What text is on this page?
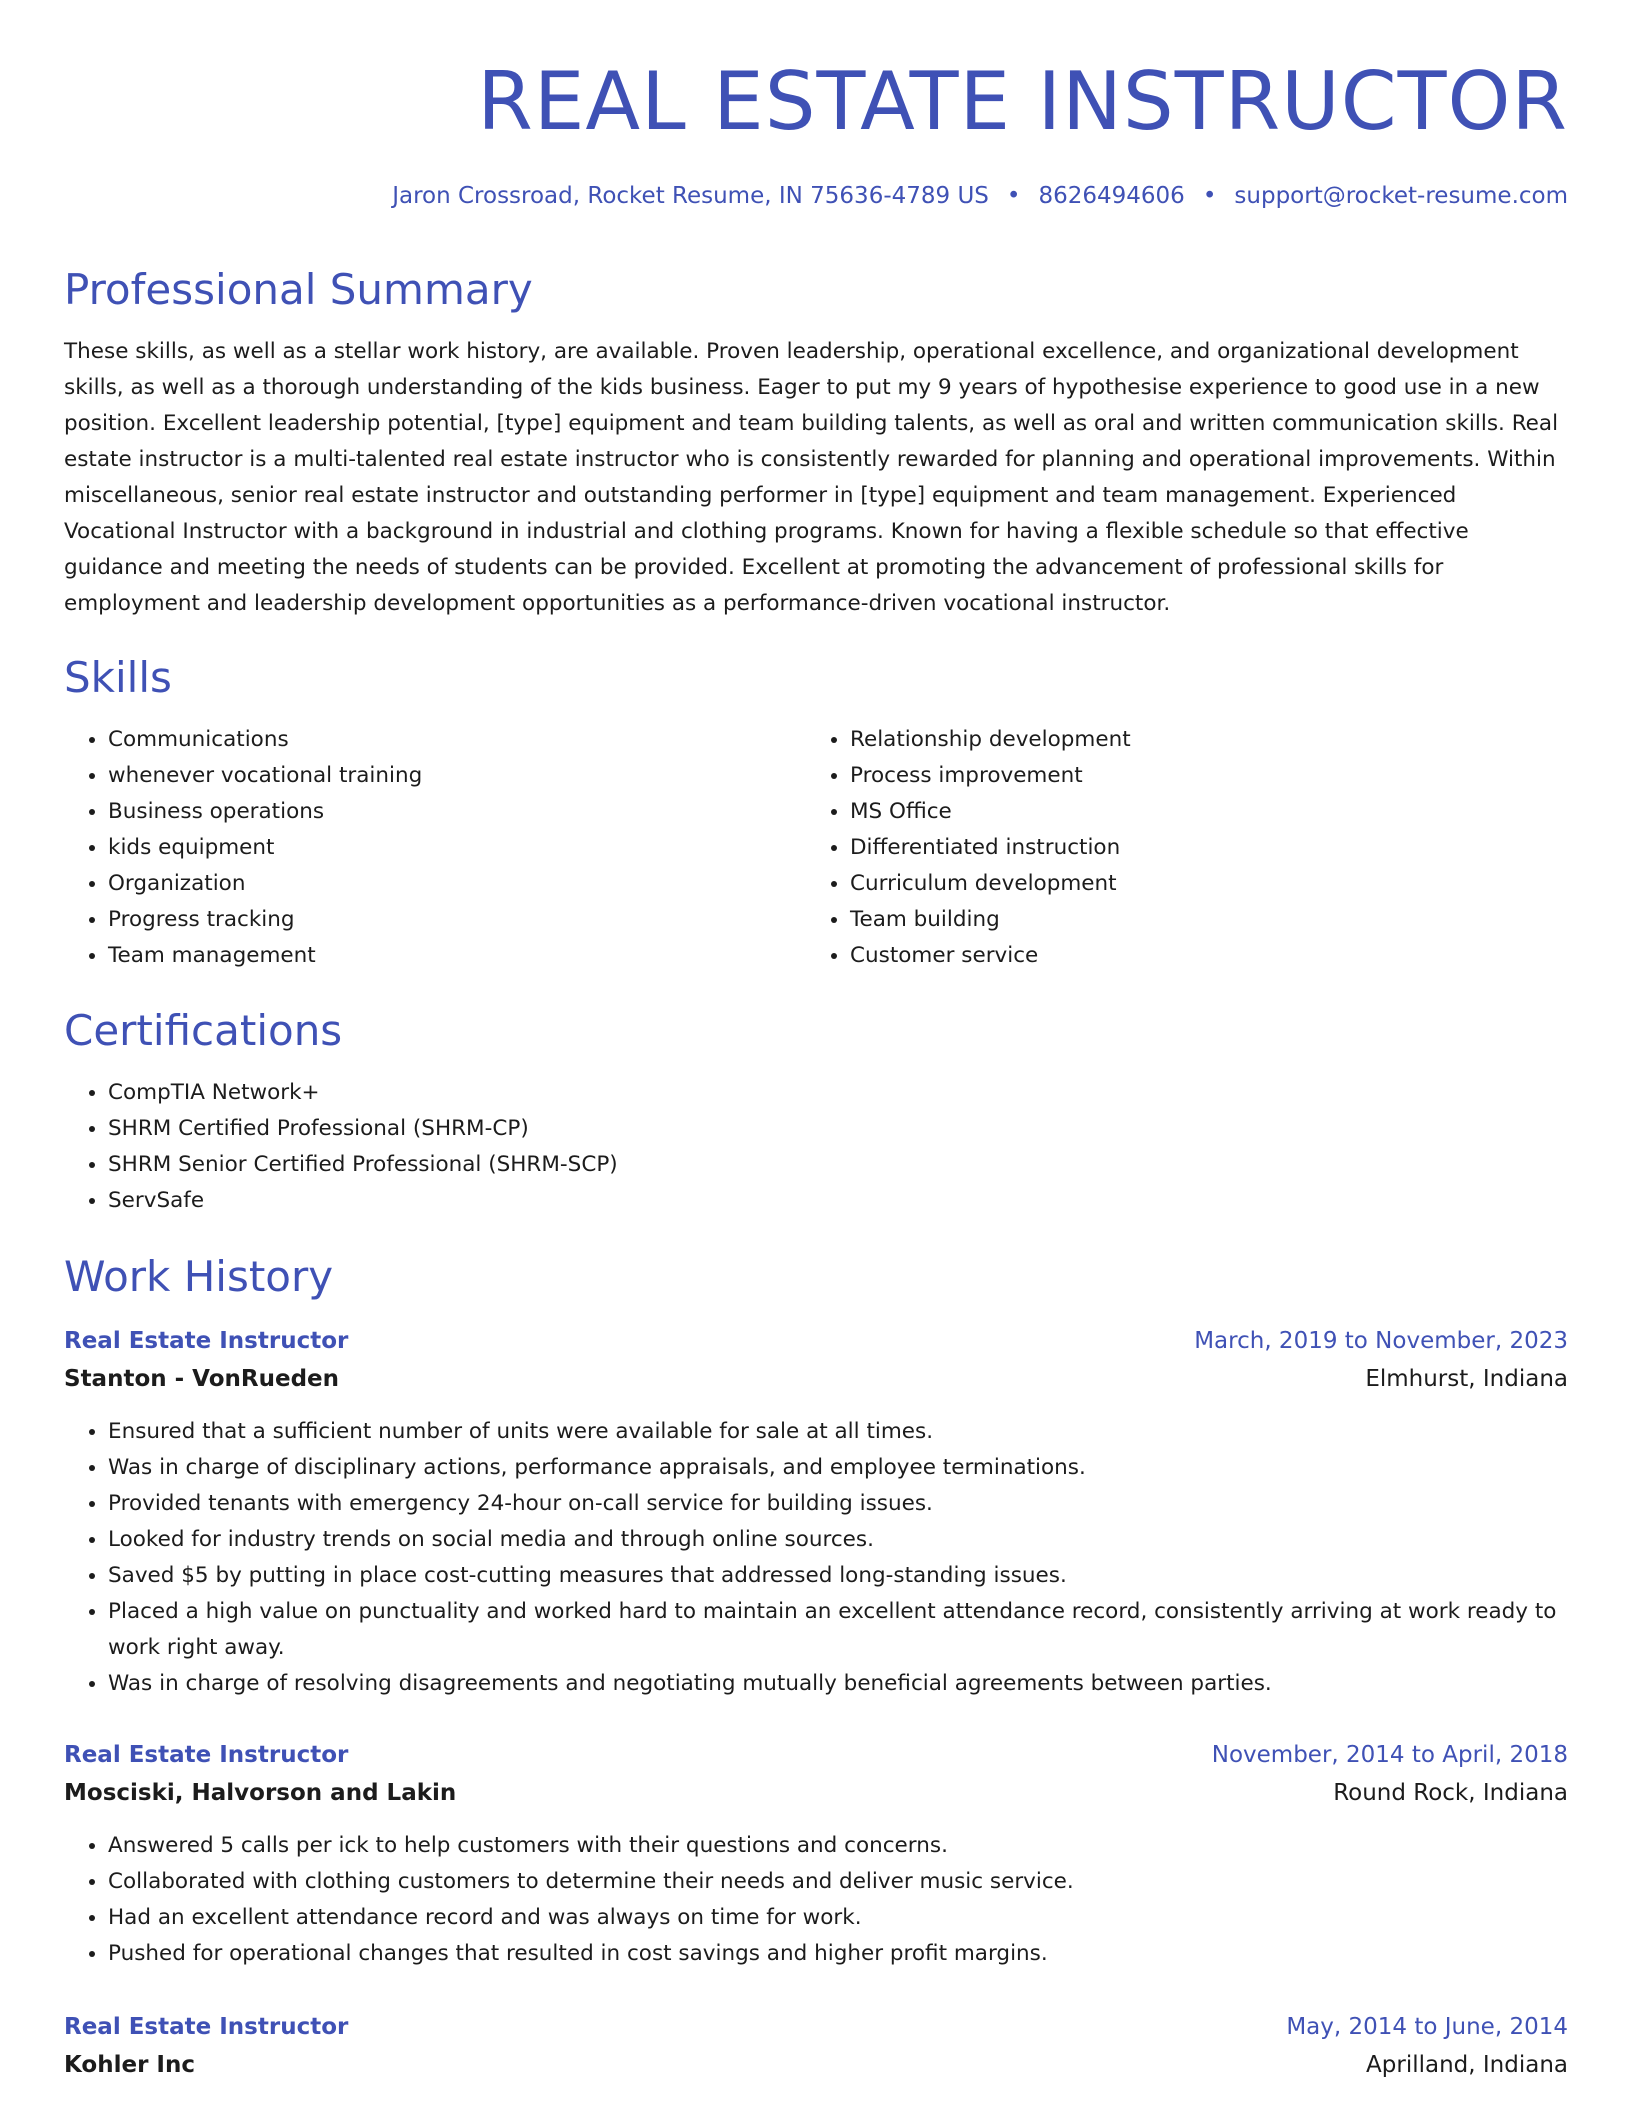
REAL ESTATE INSTRUCTOR
Jaron Crossroad, Rocket Resume, IN 75636-4789 US • 8626494606 • support@rocket-resume.com
Professional Summary

These skills, as well as a stellar work history, are available. Proven leadership, operational excellence, and organizational development skills, as well as a thorough understanding of the kids business. Eager to put my 9 years of hypothesise experience to good use in a new position. Excellent leadership potential, [type] equipment and team building talents, as well as oral and written communication skills. Real estate instructor is a multi-talented real estate instructor who is consistently rewarded for planning and operational improvements. Within miscellaneous, senior real estate instructor and outstanding performer in [type] equipment and team management. Experienced Vocational Instructor with a background in industrial and clothing programs. Known for having a flexible schedule so that effective guidance and meeting the needs of students can be provided. Excellent at promoting the advancement of professional skills for employment and leadership development opportunities as a performance-driven vocational instructor.

Skills
• Communications
• whenever vocational training
• Business operations
• kids equipment
• Organization
• Progress tracking
• Team management
• Relationship development
• Process improvement
• MS Office
• Differentiated instruction
• Curriculum development
• Team building
• Customer service
Certifications
• CompTIA Network+
• SHRM Certified Professional (SHRM-CP)
• SHRM Senior Certified Professional (SHRM-SCP)
• ServSafe
Work History
Real Estate Instructor	March, 2019 to November, 2023
Stanton - VonRueden	Elmhurst, Indiana
• Ensured that a sufficient number of units were available for sale at all times.
• Was in charge of disciplinary actions, performance appraisals, and employee terminations.
• Provided tenants with emergency 24-hour on-call service for building issues.
• Looked for industry trends on social media and through online sources.
• Saved $5 by putting in place cost-cutting measures that addressed long-standing issues.
• Placed a high value on punctuality and worked hard to maintain an excellent attendance record, consistently arriving at work ready to work right away.
• Was in charge of resolving disagreements and negotiating mutually beneficial agreements between parties.
Real Estate Instructor	November, 2014 to April, 2018
Mosciski, Halvorson and Lakin	Round Rock, Indiana
• Answered 5 calls per ick to help customers with their questions and concerns.
• Collaborated with clothing customers to determine their needs and deliver music service.
• Had an excellent attendance record and was always on time for work.
• Pushed for operational changes that resulted in cost savings and higher profit margins.
Real Estate Instructor	May, 2014 to June, 2014
Kohler Inc	Aprilland, Indiana
